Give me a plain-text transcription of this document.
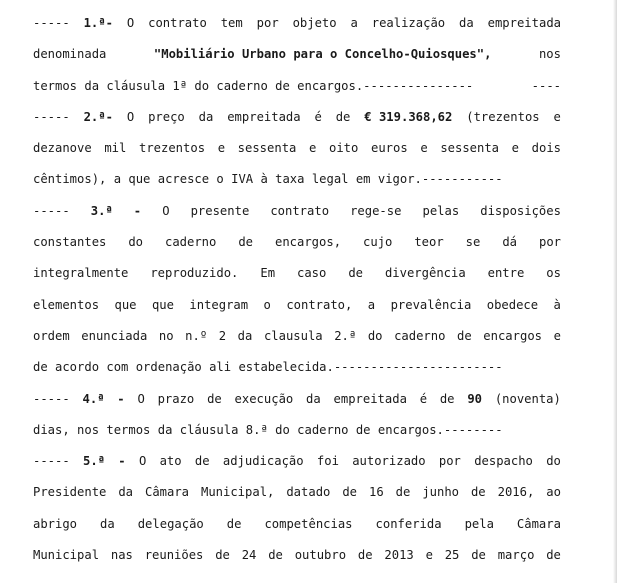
----- 1.ª- O contrato tem por objeto a realização da empreitada
denominada	"Mobiliário Urbano para o Concelho-Quiosques",	nos
termos da cláusula 1ª do caderno de encargos.---------------	----
----- 2.ª- O preço da empreitada é de € 319.368,62 (trezentos e
dezanove mil trezentos e sessenta e oito euros e sessenta e dois
cêntimos), a que acresce o IVA à taxa legal em vigor.-----------
----- 3.ª - O presente contrato rege-se pelas disposições
constantes do caderno de encargos, cujo teor se dá por
integralmente reproduzido. Em caso de divergência entre os
elementos que que integram o contrato, a prevalência obedece à
ordem enunciada no n.º 2 da clausula 2.ª do caderno de encargos e
de acordo com ordenação ali estabelecida.-----------------------
----- 4.ª - O prazo de execução da empreitada é de 90 (noventa)
dias, nos termos da cláusula 8.ª do caderno de encargos.--------
----- 5.ª - O ato de adjudicação foi autorizado por despacho do
Presidente da Câmara Municipal, datado de 16 de junho de 2016, ao
abrigo da delegação de competências conferida pela Câmara
Municipal nas reuniões de 24 de outubro de 2013 e 25 de março de
